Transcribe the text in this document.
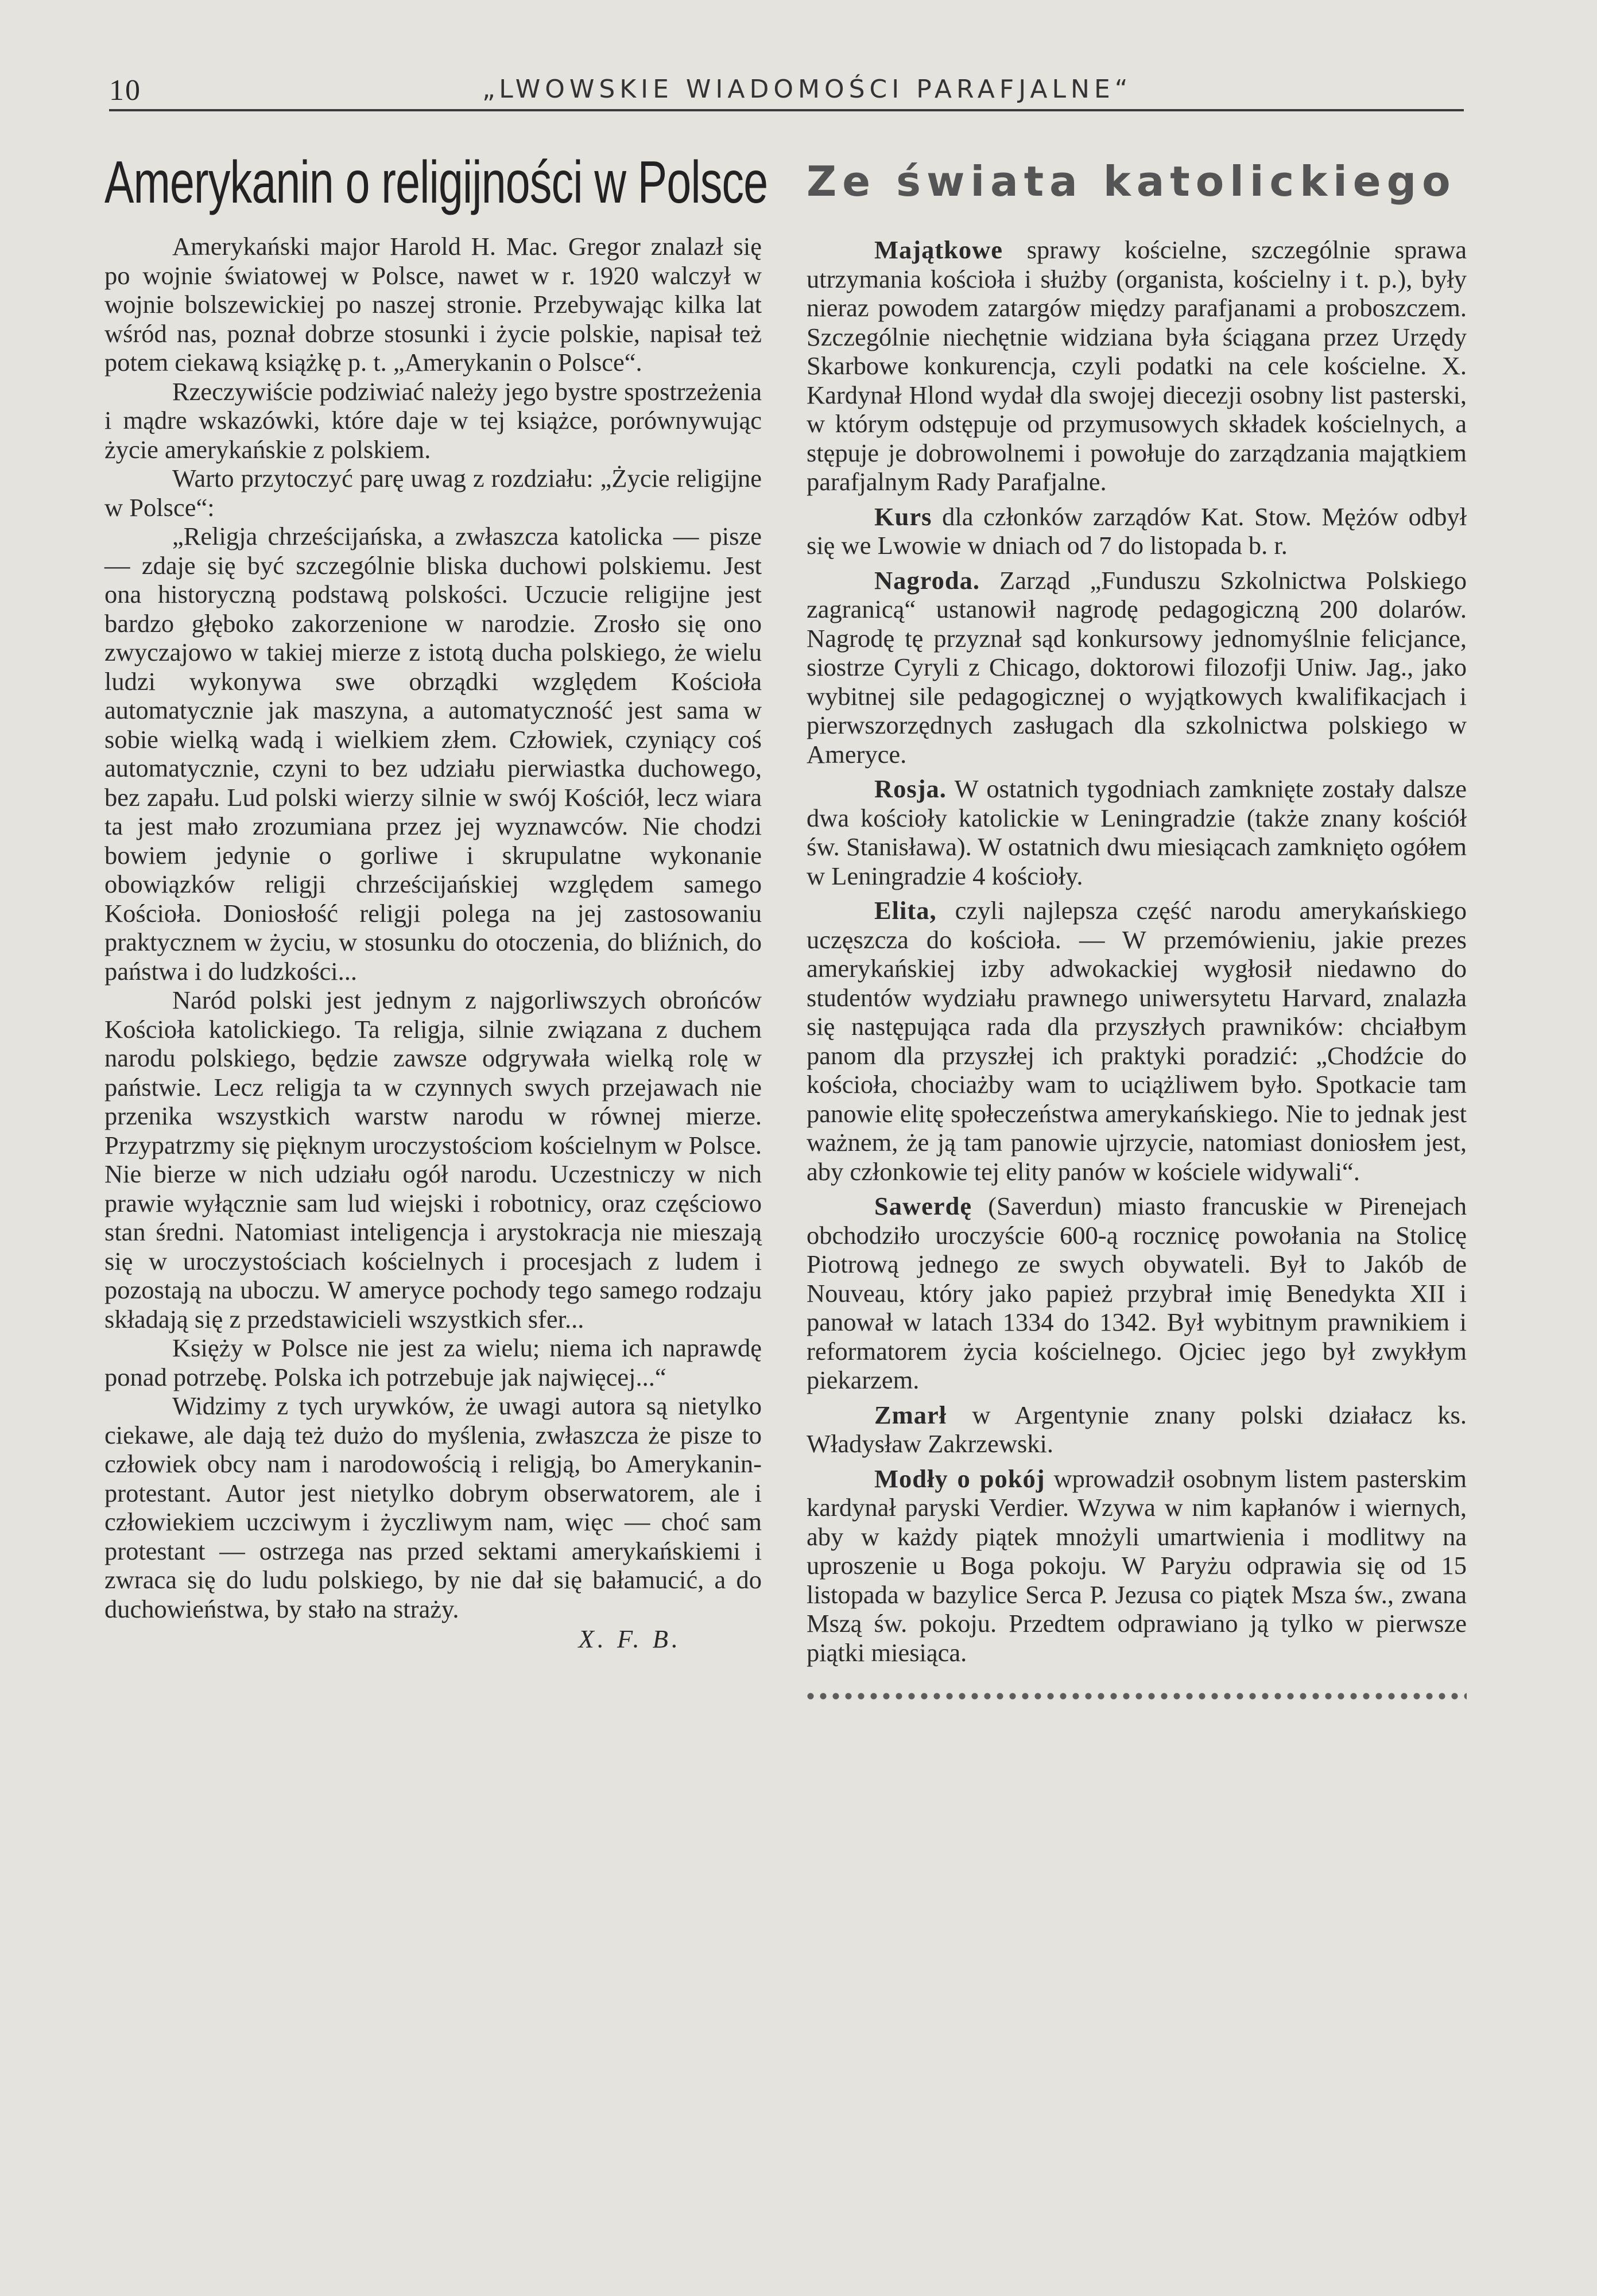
10	„LWOWSKIE WIADOMOŚCI PARAFJALNE“
Amerykanin o religijności w Polsce

Amerykański major Harold H. Mac. Gregor znalazł się po wojnie światowej w Polsce, nawet w r. 1920 walczył w wojnie bolszewickiej po naszej stronie. Przebywając kilka lat wśród nas, poznał dobrze stosunki i życie polskie, napisał też potem ciekawą książkę p. t. „Amerykanin o Polsce“.

Rzeczywiście podziwiać należy jego bystre spostrzeżenia i mądre wskazówki, które daje w tej książce, porównywując życie amerykańskie z polskiem.

Warto przytoczyć parę uwag z rozdziału: „Życie religijne w Polsce“:

„Religja chrześcijańska, a zwłaszcza katolicka — pisze — zdaje się być szczególnie bliska duchowi polskiemu. Jest ona historyczną podstawą polskości. Uczucie religijne jest bardzo głęboko zakorzenione w narodzie. Zrosło się ono zwyczajowo w takiej mierze z istotą ducha polskiego, że wielu ludzi wykonywa swe obrządki względem Kościoła automatycznie jak maszyna, a automatyczność jest sama w sobie wielką wadą i wielkiem złem. Człowiek, czyniący coś automatycznie, czyni to bez udziału pierwiastka duchowego, bez zapału. Lud polski wierzy silnie w swój Kościół, lecz wiara ta jest mało zrozumiana przez jej wyznawców. Nie chodzi bowiem jedynie o gorliwe i skrupulatne wykonanie obowiązków religji chrześcijańskiej względem samego Kościoła. Doniosłość religji polega na jej zastosowaniu praktycznem w życiu, w stosunku do otoczenia, do bliźnich, do państwa i do ludzkości...

Naród polski jest jednym z najgorliwszych obrońców Kościoła katolickiego. Ta religja, silnie związana z duchem narodu polskiego, będzie zawsze odgrywała wielką rolę w państwie. Lecz religja ta w czynnych swych przejawach nie przenika wszystkich warstw narodu w równej mierze. Przypatrzmy się pięknym uroczystościom kościelnym w Polsce. Nie bierze w nich udziału ogół narodu. Uczestniczy w nich prawie wyłącznie sam lud wiejski i robotnicy, oraz częściowo stan średni. Natomiast inteligencja i arystokracja nie mieszają się w uroczystościach kościelnych i procesjach z ludem i pozostają na uboczu. W ameryce pochody tego samego rodzaju składają się z przedstawicieli wszystkich sfer...

Księży w Polsce nie jest za wielu; niema ich naprawdę ponad potrzebę. Polska ich potrzebuje jak najwięcej...“

Widzimy z tych urywków, że uwagi autora są nietylko ciekawe, ale dają też dużo do myślenia, zwłaszcza że pisze to człowiek obcy nam i narodowością i religją, bo Amerykanin-protestant. Autor jest nietylko dobrym obserwatorem, ale i człowiekiem uczciwym i życzliwym nam, więc — choć sam protestant — ostrzega nas przed sektami amerykańskiemi i zwraca się do ludu polskiego, by nie dał się bałamucić, a do duchowieństwa, by stało na straży.

X. F. B.
Ze świata katolickiego

Majątkowe sprawy kościelne, szczególnie sprawa utrzymania kościoła i służby (organista, kościelny i t. p.), były nieraz powodem zatargów między parafjanami a proboszczem. Szczególnie niechętnie widziana była ściągana przez Urzędy Skarbowe konkurencja, czyli podatki na cele kościelne. X. Kardynał Hlond wydał dla swojej diecezji osobny list pasterski, w którym odstępuje od przymusowych składek kościelnych, a stępuje je dobrowolnemi i powołuje do zarządzania majątkiem parafjalnym Rady Parafjalne.

Kurs dla członków zarządów Kat. Stow. Mężów odbył się we Lwowie w dniach od 7 do listopada b. r.

Nagroda. Zarząd „Funduszu Szkolnictwa Polskiego zagranicą“ ustanowił nagrodę pedagogiczną 200 dolarów. Nagrodę tę przyznał sąd konkursowy jednomyślnie felicjance, siostrze Cyryli z Chicago, doktorowi filozofji Uniw. Jag., jako wybitnej sile pedagogicznej o wyjątkowych kwalifikacjach i pierwszorzędnych zasługach dla szkolnictwa polskiego w Ameryce.

Rosja. W ostatnich tygodniach zamknięte zostały dalsze dwa kościoły katolickie w Leningradzie (także znany kościół św. Stanisława). W ostatnich dwu miesiącach zamknięto ogółem w Leningradzie 4 kościoły.

Elita, czyli najlepsza część narodu amerykańskiego uczęszcza do kościoła. — W przemówieniu, jakie prezes amerykańskiej izby adwokackiej wygłosił niedawno do studentów wydziału prawnego uniwersytetu Harvard, znalazła się następująca rada dla przyszłych prawników: chciałbym panom dla przyszłej ich praktyki poradzić: „Chodźcie do kościoła, chociażby wam to uciążliwem było. Spotkacie tam panowie elitę społeczeństwa amerykańskiego. Nie to jednak jest ważnem, że ją tam panowie ujrzycie, natomiast doniosłem jest, aby członkowie tej elity panów w kościele widywali“.

Sawerdę (Saverdun) miasto francuskie w Pirenejach obchodziło uroczyście 600-ą rocznicę powołania na Stolicę Piotrową jednego ze swych obywateli. Był to Jakób de Nouveau, który jako papież przybrał imię Benedykta XII i panował w latach 1334 do 1342. Był wybitnym prawnikiem i reformatorem życia kościelnego. Ojciec jego był zwykłym piekarzem.

Zmarł w Argentynie znany polski działacz ks. Władysław Zakrzewski.

Modły o pokój wprowadził osobnym listem pasterskim kardynał paryski Verdier. Wzywa w nim kapłanów i wiernych, aby w każdy piątek mnożyli umartwienia i modlitwy na uproszenie u Boga pokoju. W Paryżu odprawia się od 15 listopada w bazylice Serca P. Jezusa co piątek Msza św., zwana Mszą św. pokoju. Przedtem odprawiano ją tylko w pierwsze piątki miesiąca.
